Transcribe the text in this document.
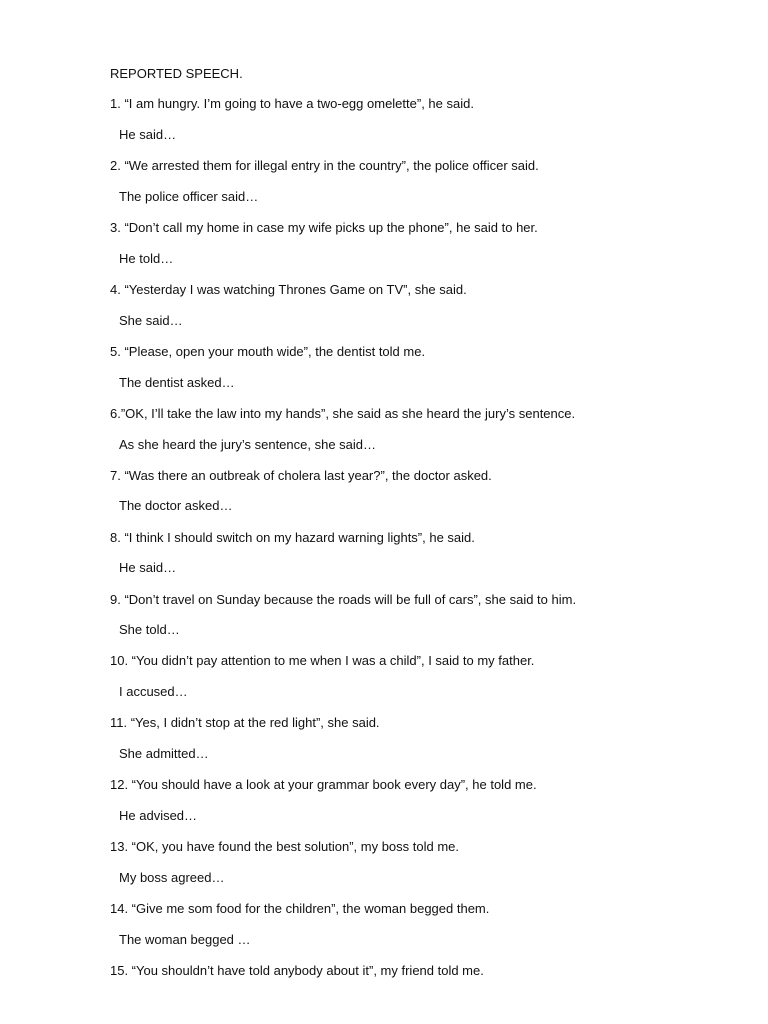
REPORTED SPEECH.
1. “I am hungry. I’m going to have a two-egg omelette”, he said.
He said…
2. “We arrested them for illegal entry in the country”, the police officer said.
The police officer said…
3. “Don’t call my home in case my wife picks up the phone”, he said to her.
He told…
4. “Yesterday I was watching Thrones Game on TV”, she said.
She said…
5. “Please, open your mouth wide”, the dentist told me.
The dentist asked…
6.”OK, I’ll take the law into my hands”, she said as she heard the jury’s sentence.
As she heard the jury’s sentence, she said…
7. “Was there an outbreak of cholera last year?”, the doctor asked.
The doctor asked…
8. “I think I should switch on my hazard warning lights”, he said.
He said…
9. “Don’t travel on Sunday because the roads will be full of cars”, she said to him.
She told…
10. “You didn’t pay attention to me when I was a child”, I said to my father.
I accused…
11. “Yes, I didn’t stop at the red light”, she said.
She admitted…
12. “You should have a look at your grammar book every day”, he told me.
He advised…
13. “OK, you have found the best solution”, my boss told me.
My boss agreed…
14. “Give me som food for the children”, the woman begged them.
The woman begged …
15. “You shouldn’t have told anybody about it”, my friend told me.
